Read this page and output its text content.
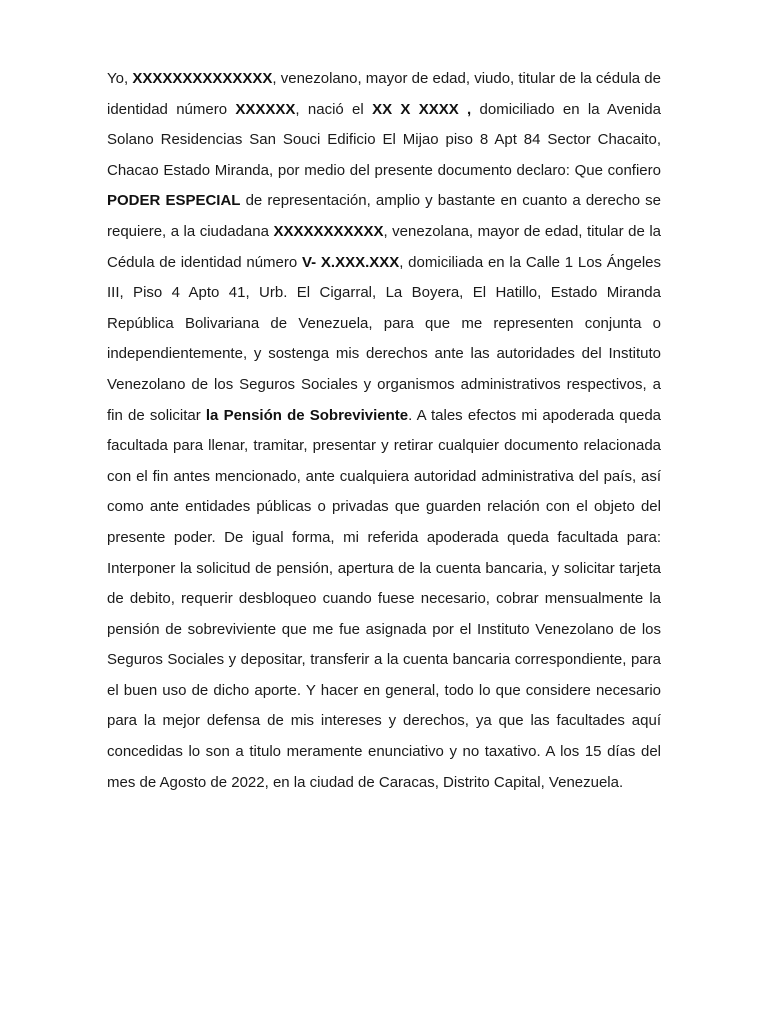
Yo, XXXXXXXXXXXXXX, venezolano, mayor de edad, viudo, titular de la cédula de identidad número XXXXXX, nació el XX X XXXX , domiciliado en la Avenida Solano Residencias San Souci Edificio El Mijao piso 8 Apt 84 Sector Chacaito, Chacao Estado Miranda, por medio del presente documento declaro: Que confiero PODER ESPECIAL de representación, amplio y bastante en cuanto a derecho se requiere, a la ciudadana XXXXXXXXXXX, venezolana, mayor de edad, titular de la Cédula de identidad número V- X.XXX.XXX, domiciliada en la Calle 1 Los Ángeles III, Piso 4 Apto 41, Urb. El Cigarral, La Boyera, El Hatillo, Estado Miranda República Bolivariana de Venezuela, para que me representen conjunta o independientemente, y sostenga mis derechos ante las autoridades del Instituto Venezolano de los Seguros Sociales y organismos administrativos respectivos, a fin de solicitar la Pensión de Sobreviviente. A tales efectos mi apoderada queda facultada para llenar, tramitar, presentar y retirar cualquier documento relacionada con el fin antes mencionado, ante cualquiera autoridad administrativa del país, así como ante entidades públicas o privadas que guarden relación con el objeto del presente poder. De igual forma, mi referida apoderada queda facultada para: Interponer la solicitud de pensión, apertura de la cuenta bancaria, y solicitar tarjeta de debito, requerir desbloqueo cuando fuese necesario, cobrar mensualmente la pensión de sobreviviente que me fue asignada por el Instituto Venezolano de los Seguros Sociales y depositar, transferir a la cuenta bancaria correspondiente, para el buen uso de dicho aporte. Y hacer en general, todo lo que considere necesario para la mejor defensa de mis intereses y derechos, ya que las facultades aquí concedidas lo son a titulo meramente enunciativo y no taxativo. A los 15 días del mes de Agosto de 2022, en la ciudad de Caracas, Distrito Capital, Venezuela.
